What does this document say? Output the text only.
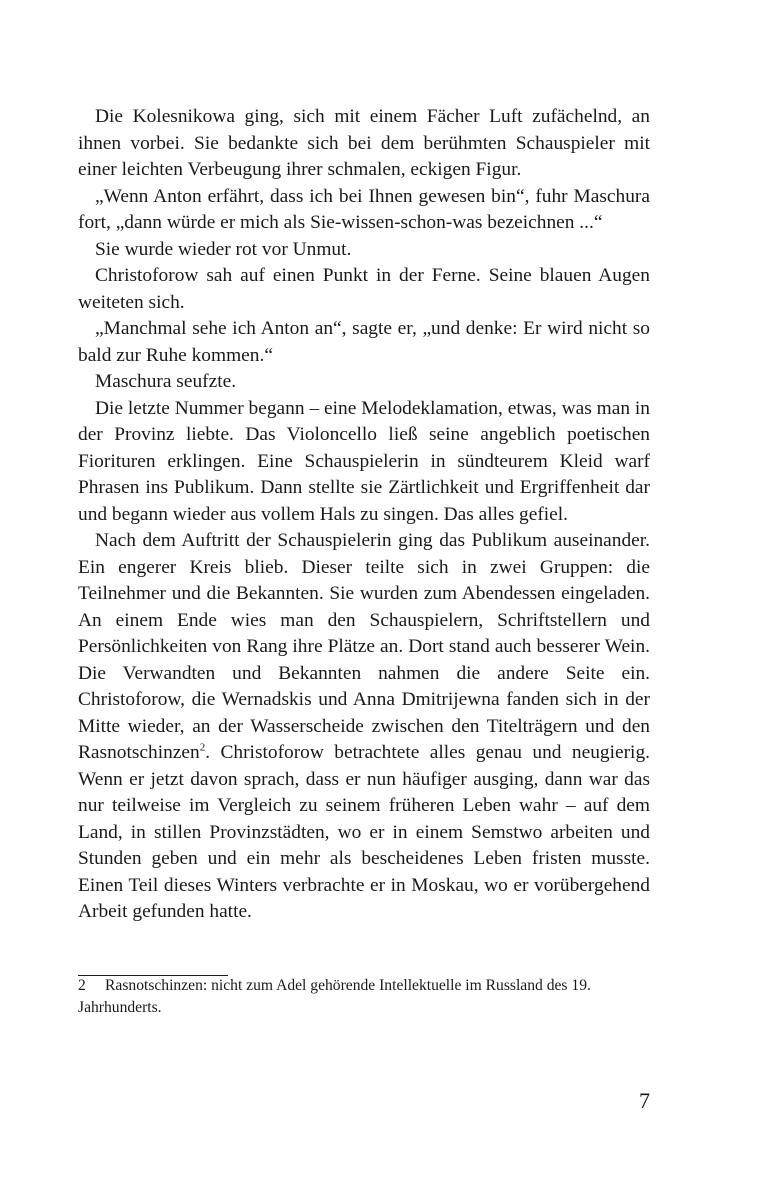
Die Kolesnikowa ging, sich mit einem Fächer Luft zufächelnd, an ihnen vorbei. Sie bedankte sich bei dem berühmten Schauspieler mit einer leichten Verbeugung ihrer schmalen, eckigen Figur.

„Wenn Anton erfährt, dass ich bei Ihnen gewesen bin“, fuhr Maschura fort, „dann würde er mich als Sie-wissen-schon-was bezeichnen ...“

Sie wurde wieder rot vor Unmut.

Christoforow sah auf einen Punkt in der Ferne. Seine blauen Augen weiteten sich.

„Manchmal sehe ich Anton an“, sagte er, „und denke: Er wird nicht so bald zur Ruhe kommen.“

Maschura seufzte.

Die letzte Nummer begann – eine Melodeklamation, etwas, was man in der Provinz liebte. Das Violoncello ließ seine angeblich poetischen Fiorituren erklingen. Eine Schauspielerin in sündteurem Kleid warf Phrasen ins Publikum. Dann stellte sie Zärtlichkeit und Ergriffenheit dar und begann wieder aus vollem Hals zu singen. Das alles gefiel.

Nach dem Auftritt der Schauspielerin ging das Publikum auseinander. Ein engerer Kreis blieb. Dieser teilte sich in zwei Gruppen: die Teilnehmer und die Bekannten. Sie wurden zum Abendessen eingeladen. An einem Ende wies man den Schauspielern, Schriftstellern und Persönlichkeiten von Rang ihre Plätze an. Dort stand auch besserer Wein. Die Verwandten und Bekannten nahmen die andere Seite ein. Christoforow, die Wernadskis und Anna Dmitrijewna fanden sich in der Mitte wieder, an der Wasserscheide zwischen den Titelträgern und den Rasnotschinzen$^2$. Christoforow betrachtete alles genau und neugierig. Wenn er jetzt davon sprach, dass er nun häufiger ausging, dann war das nur teilweise im Vergleich zu seinem früheren Leben wahr – auf dem Land, in stillen Provinzstädten, wo er in einem Semstwo arbeiten und Stunden geben und ein mehr als bescheidenes Leben fristen musste. Einen Teil dieses Winters verbrachte er in Moskau, wo er vorübergehend Arbeit gefunden hatte.

2 Rasnotschinzen: nicht zum Adel gehörende Intellektuelle im Russland des 19. Jahrhunderts.
7
